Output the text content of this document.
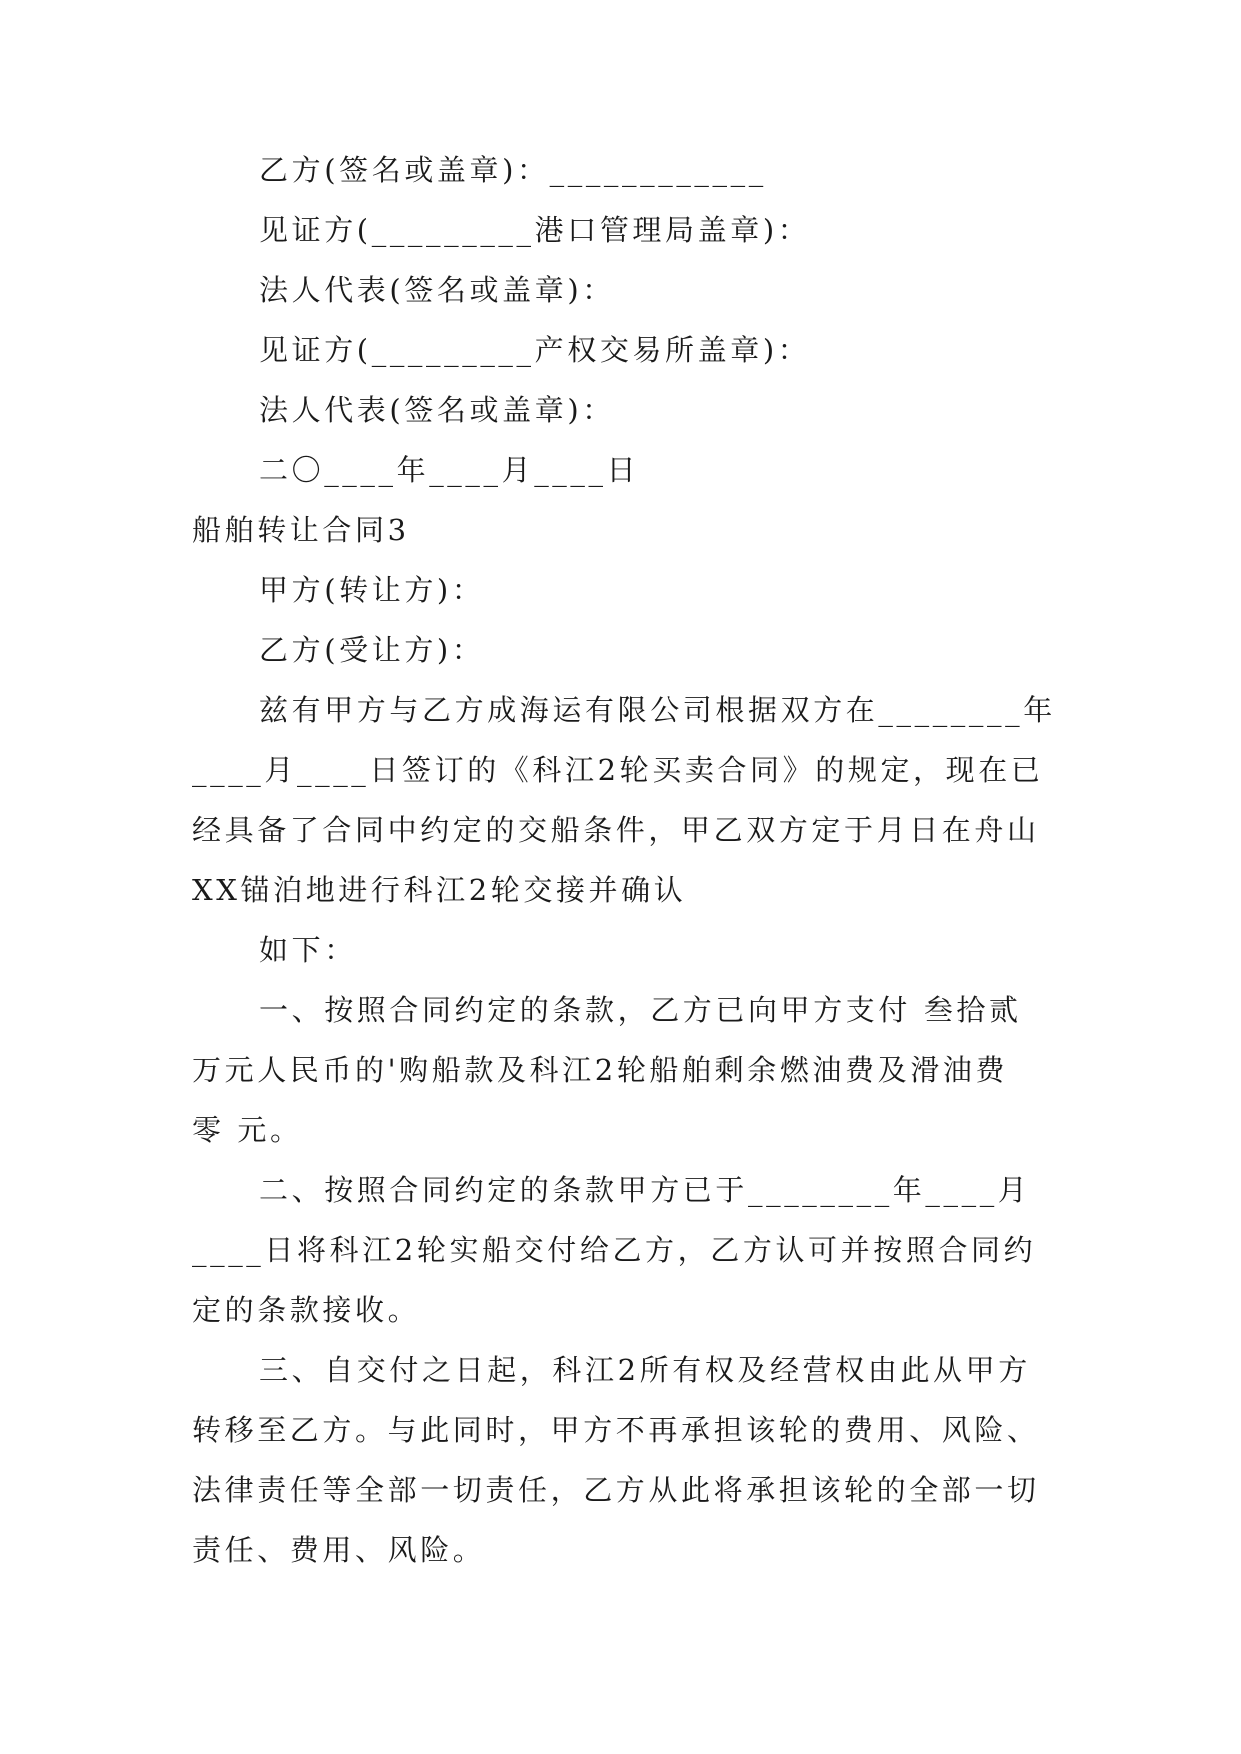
乙方(签名或盖章)：____________
见证方(_________港口管理局盖章)：
法人代表(签名或盖章)：
见证方(_________产权交易所盖章)：
法人代表(签名或盖章)：
二〇____年____月____日
船舶转让合同3
甲方(转让方)：
乙方(受让方)：
兹有甲方与乙方成海运有限公司根据双方在________年
____月____日签订的《科江2轮买卖合同》的规定，现在已
经具备了合同中约定的交船条件，甲乙双方定于月日在舟山
XX锚泊地进行科江2轮交接并确认
如下：
一、按照合同约定的条款，乙方已向甲方支付 叁拾贰
万元人民币的'购船款及科江2轮船舶剩余燃油费及滑油费
零 元。
二、按照合同约定的条款甲方已于________年____月
____日将科江2轮实船交付给乙方，乙方认可并按照合同约
定的条款接收。
三、自交付之日起，科江2所有权及经营权由此从甲方
转移至乙方。与此同时，甲方不再承担该轮的费用、风险、
法律责任等全部一切责任，乙方从此将承担该轮的全部一切
责任、费用、风险。
